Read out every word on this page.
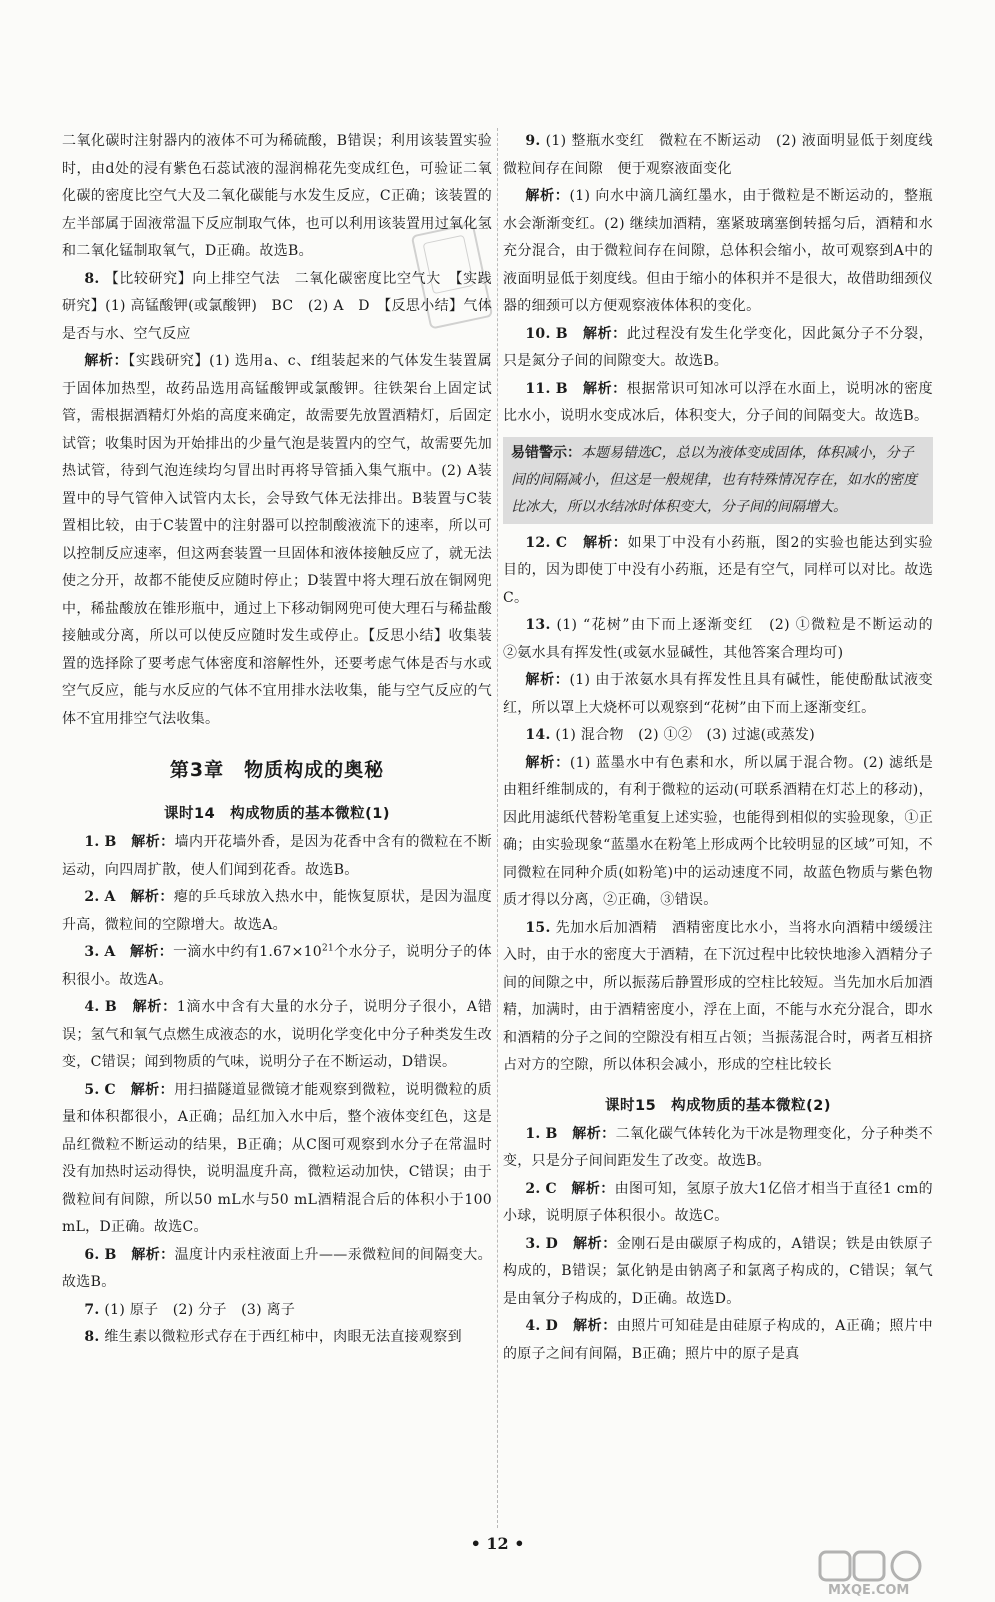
二氧化碳时注射器内的液体不可为稀硫酸，B错误；利用该装置实验时，由d处的浸有紫色石蕊试液的湿润棉花先变成红色，可验证二氧化碳的密度比空气大及二氧化碳能与水发生反应，C正确；该装置的左半部属于固液常温下反应制取气体，也可以利用该装置用过氧化氢和二氧化锰制取氧气，D正确。故选B。

8. 【比较研究】向上排空气法　二氧化碳密度比空气大　【实践研究】(1) 高锰酸钾(或氯酸钾)　BC　(2) A　D　【反思小结】气体是否与水、空气反应

解析：【实践研究】(1) 选用a、c、f组装起来的气体发生装置属于固体加热型，故药品选用高锰酸钾或氯酸钾。往铁架台上固定试管，需根据酒精灯外焰的高度来确定，故需要先放置酒精灯，后固定试管；收集时因为开始排出的少量气泡是装置内的空气，故需要先加热试管，待到气泡连续均匀冒出时再将导管插入集气瓶中。(2) A装置中的导气管伸入试管内太长，会导致气体无法排出。B装置与C装置相比较，由于C装置中的注射器可以控制酸液流下的速率，所以可以控制反应速率，但这两套装置一旦固体和液体接触反应了，就无法使之分开，故都不能使反应随时停止；D装置中将大理石放在铜网兜中，稀盐酸放在锥形瓶中，通过上下移动铜网兜可使大理石与稀盐酸接触或分离，所以可以使反应随时发生或停止。【反思小结】收集装置的选择除了要考虑气体密度和溶解性外，还要考虑气体是否与水或空气反应，能与水反应的气体不宜用排水法收集，能与空气反应的气体不宜用排空气法收集。

第3章　物质构成的奥秘
课时14　构成物质的基本微粒(1)

1. B 解析：墙内开花墙外香，是因为花香中含有的微粒在不断运动，向四周扩散，使人们闻到花香。故选B。

2. A 解析：瘪的乒乓球放入热水中，能恢复原状，是因为温度升高，微粒间的空隙增大。故选A。

3. A 解析：一滴水中约有$1.67\times 10^{21}$个水分子，说明分子的体积很小。故选A。

4. B 解析：1滴水中含有大量的水分子，说明分子很小，A错误；氢气和氧气点燃生成液态的水，说明化学变化中分子种类发生改变，C错误；闻到物质的气味，说明分子在不断运动，D错误。

5. C 解析：用扫描隧道显微镜才能观察到微粒，说明微粒的质量和体积都很小，A正确；品红加入水中后，整个液体变红色，这是品红微粒不断运动的结果，B正确；从C图可观察到水分子在常温时没有加热时运动得快，说明温度升高，微粒运动加快，C错误；由于微粒间有间隙，所以50 mL水与50 mL酒精混合后的体积小于100 mL，D正确。故选C。

6. B 解析：温度计内汞柱液面上升——汞微粒间的间隔变大。故选B。

7. (1) 原子　(2) 分子　(3) 离子

8. 维生素以微粒形式存在于西红柿中，肉眼无法直接观察到

9. (1) 整瓶水变红　微粒在不断运动　(2) 液面明显低于刻度线　微粒间存在间隙　便于观察液面变化

解析：(1) 向水中滴几滴红墨水，由于微粒是不断运动的，整瓶水会渐渐变红。(2) 继续加酒精，塞紧玻璃塞倒转摇匀后，酒精和水充分混合，由于微粒间存在间隙，总体积会缩小，故可观察到A中的液面明显低于刻度线。但由于缩小的体积并不是很大，故借助细颈仪器的细颈可以方便观察液体体积的变化。

10. B 解析：此过程没有发生化学变化，因此氮分子不分裂，只是氮分子间的间隙变大。故选B。

11. B 解析：根据常识可知冰可以浮在水面上，说明冰的密度比水小，说明水变成冰后，体积变大，分子间的间隔变大。故选B。

易错警示：本题易错选C，总以为液体变成固体，体积减小，分子间的间隔减小，但这是一般规律，也有特殊情况存在，如水的密度比冰大，所以水结冰时体积变大，分子间的间隔增大。

12. C 解析：如果丁中没有小药瓶，图2的实验也能达到实验目的，因为即使丁中没有小药瓶，还是有空气，同样可以对比。故选C。

13. (1) “花树”由下而上逐渐变红　(2) ①微粒是不断运动的　②氨水具有挥发性(或氨水显碱性，其他答案合理均可)

解析：(1) 由于浓氨水具有挥发性且具有碱性，能使酚酞试液变红，所以罩上大烧杯可以观察到“花树”由下而上逐渐变红。

14. (1) 混合物　(2) ①②　(3) 过滤(或蒸发)

解析：(1) 蓝墨水中有色素和水，所以属于混合物。(2) 滤纸是由粗纤维制成的，有利于微粒的运动(可联系酒精在灯芯上的移动)，因此用滤纸代替粉笔重复上述实验，也能得到相似的实验现象，①正确；由实验现象“蓝墨水在粉笔上形成两个比较明显的区域”可知，不同微粒在同种介质(如粉笔)中的运动速度不同，故蓝色物质与紫色物质才得以分离，②正确，③错误。

15. 先加水后加酒精　酒精密度比水小，当将水向酒精中缓缓注入时，由于水的密度大于酒精，在下沉过程中比较快地渗入酒精分子间的间隙之中，所以振荡后静置形成的空柱比较短。当先加水后加酒精，加满时，由于酒精密度小，浮在上面，不能与水充分混合，即水和酒精的分子之间的空隙没有相互占领；当振荡混合时，两者互相挤占对方的空隙，所以体积会减小，形成的空柱比较长

课时15　构成物质的基本微粒(2)

1. B 解析：二氧化碳气体转化为干冰是物理变化，分子种类不变，只是分子间间距发生了改变。故选B。

2. C 解析：由图可知，氢原子放大1亿倍才相当于直径1 cm的小球，说明原子体积很小。故选C。

3. D 解析：金刚石是由碳原子构成的，A错误；铁是由铁原子构成的，B错误；氯化钠是由钠离子和氯离子构成的，C错误；氧气是由氧分子构成的，D正确。故选D。

4. D 解析：由照片可知硅是由硅原子构成的，A正确；照片中的原子之间有间隔，B正确；照片中的原子是真

• 12 •
MXQE.COM
